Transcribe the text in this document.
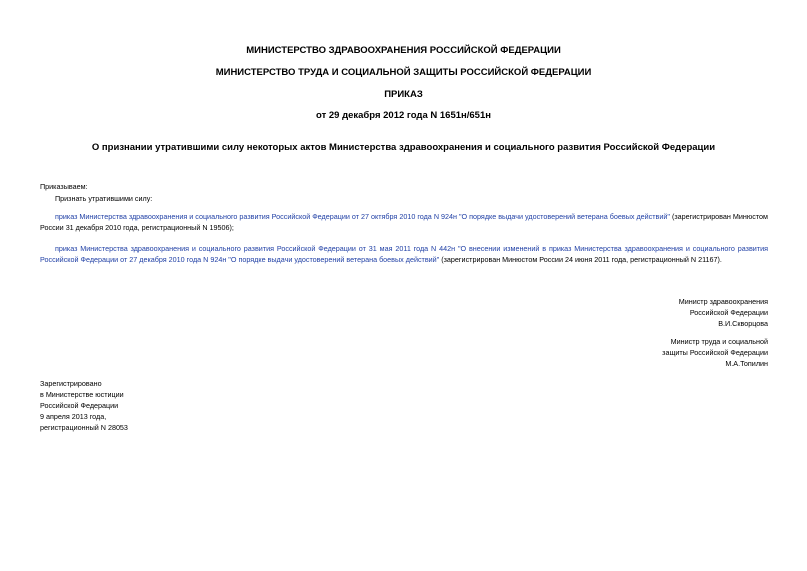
МИНИСТЕРСТВО ЗДРАВООХРАНЕНИЯ РОССИЙСКОЙ ФЕДЕРАЦИИ
МИНИСТЕРСТВО ТРУДА И СОЦИАЛЬНОЙ ЗАЩИТЫ РОССИЙСКОЙ ФЕДЕРАЦИИ
ПРИКАЗ
от 29 декабря 2012 года N 1651н/651н
О признании утратившими силу некоторых актов Министерства здравоохранения и социального развития Российской Федерации
Приказываем:
Признать утратившими силу:
приказ Министерства здравоохранения и социального развития Российской Федерации от 27 октября 2010 года N 924н "О порядке выдачи удостоверений ветерана боевых действий" (зарегистрирован Минюстом России 31 декабря 2010 года, регистрационный N 19506);
приказ Министерства здравоохранения и социального развития Российской Федерации от 31 мая 2011 года N 442н "О внесении изменений в приказ Министерства здравоохранения и социального развития Российской Федерации от 27 декабря 2010 года N 924н "О порядке выдачи удостоверений ветерана боевых действий" (зарегистрирован Минюстом России 24 июня 2011 года, регистрационный N 21167).
Министр здравоохранения
Российской Федерации
В.И.Скворцова
Министр труда и социальной
защиты Российской Федерации
М.А.Топилин
Зарегистрировано
в Министерстве юстиции
Российской Федерации
9 апреля 2013 года,
регистрационный N 28053
